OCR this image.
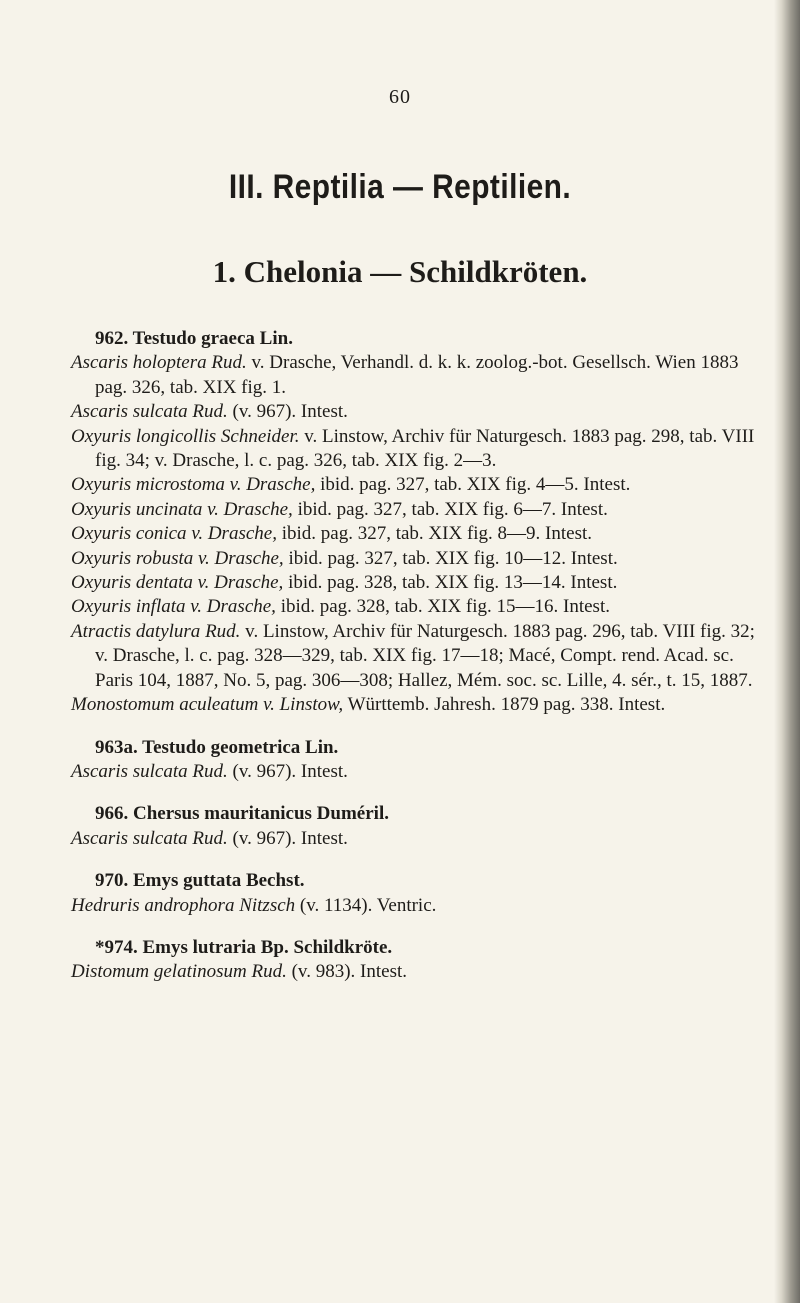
60
III. Reptilia — Reptilien.
1. Chelonia — Schildkröten.
962. Testudo graeca Lin.
Ascaris holoptera Rud. v. Drasche, Verhandl. d. k. k. zoolog.-bot. Gesellsch. Wien 1883 pag. 326, tab. XIX fig. 1.
Ascaris sulcata Rud. (v. 967). Intest.
Oxyuris longicollis Schneider. v. Linstow, Archiv für Naturgesch. 1883 pag. 298, tab. VIII fig. 34; v. Drasche, l. c. pag. 326, tab. XIX fig. 2—3.
Oxyuris microstoma v. Drasche, ibid. pag. 327, tab. XIX fig. 4—5. Intest.
Oxyuris uncinata v. Drasche, ibid. pag. 327, tab. XIX fig. 6—7. Intest.
Oxyuris conica v. Drasche, ibid. pag. 327, tab. XIX fig. 8—9. Intest.
Oxyuris robusta v. Drasche, ibid. pag. 327, tab. XIX fig. 10—12. Intest.
Oxyuris dentata v. Drasche, ibid. pag. 328, tab. XIX fig. 13—14. Intest.
Oxyuris inflata v. Drasche, ibid. pag. 328, tab. XIX fig. 15—16. Intest.
Atractis datylura Rud. v. Linstow, Archiv für Naturgesch. 1883 pag. 296, tab. VIII fig. 32; v. Drasche, l. c. pag. 328—329, tab. XIX fig. 17—18; Macé, Compt. rend. Acad. sc. Paris 104, 1887, No. 5, pag. 306—308; Hallez, Mém. soc. sc. Lille, 4. sér., t. 15, 1887.
Monostomum aculeatum v. Linstow, Württemb. Jahresh. 1879 pag. 338. Intest.
963a. Testudo geometrica Lin.
Ascaris sulcata Rud. (v. 967). Intest.
966. Chersus mauritanicus Duméril.
Ascaris sulcata Rud. (v. 967). Intest.
970. Emys guttata Bechst.
Hedruris androphora Nitzsch (v. 1134). Ventric.
*974. Emys lutraria Bp. Schildkröte.
Distomum gelatinosum Rud. (v. 983). Intest.
